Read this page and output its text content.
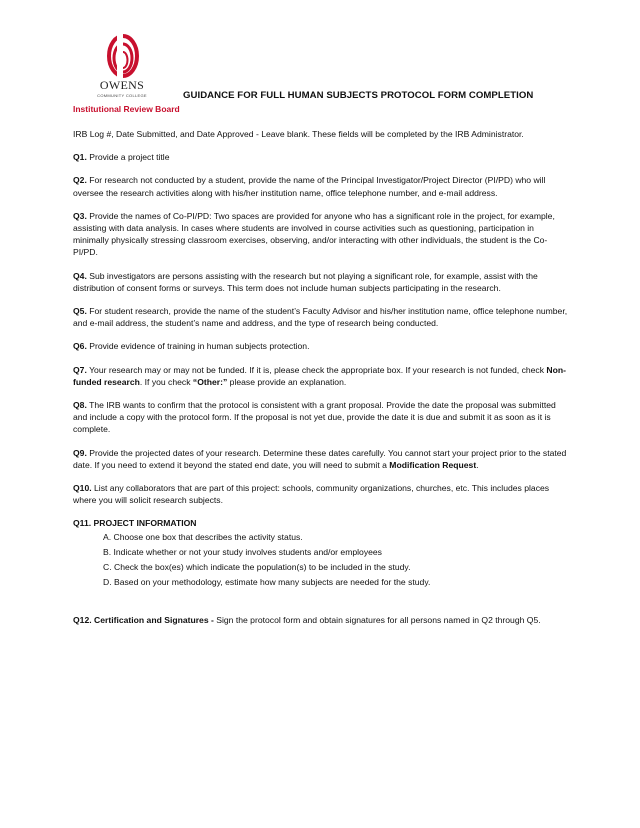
OWENS
COMMUNITY COLLEGE
Institutional Review Board
GUIDANCE FOR FULL HUMAN SUBJECTS PROTOCOL FORM COMPLETION

IRB Log #, Date Submitted, and Date Approved - Leave blank. These fields will be completed by the IRB Administrator.

Q1. Provide a project title

Q2. For research not conducted by a student, provide the name of the Principal Investigator/Project Director (PI/PD) who will oversee the research activities along with his/her institution name, office telephone number, and e-mail address.

Q3. Provide the names of Co-PI/PD: Two spaces are provided for anyone who has a significant role in the project, for example, assisting with data analysis. In cases where students are involved in course activities such as questioning, participation in minimally physically stressing classroom exercises, observing, and/or interacting with other individuals, the student is the Co-PI/PD.

Q4. Sub investigators are persons assisting with the research but not playing a significant role, for example, assist with the distribution of consent forms or surveys. This term does not include human subjects participating in the research.

Q5. For student research, provide the name of the student’s Faculty Advisor and his/her institution name, office telephone number, and e-mail address, the student’s name and address, and the type of research being conducted.

Q6. Provide evidence of training in human subjects protection.

Q7. Your research may or may not be funded. If it is, please check the appropriate box. If your research is not funded, check Non-funded research. If you check “Other:” please provide an explanation.

Q8. The IRB wants to confirm that the protocol is consistent with a grant proposal. Provide the date the proposal was submitted and include a copy with the protocol form. If the proposal is not yet due, provide the date it is due and submit it as soon as it is complete.

Q9. Provide the projected dates of your research. Determine these dates carefully. You cannot start your project prior to the stated date. If you need to extend it beyond the stated end date, you will need to submit a Modification Request.

Q10. List any collaborators that are part of this project: schools, community organizations, churches, etc. This includes places where you will solicit research subjects.

Q11. PROJECT INFORMATION

A. Choose one box that describes the activity status.

B. Indicate whether or not your study involves students and/or employees

C. Check the box(es) which indicate the population(s) to be included in the study.

D. Based on your methodology, estimate how many subjects are needed for the study.

Q12. Certification and Signatures - Sign the protocol form and obtain signatures for all persons named in Q2 through Q5.
